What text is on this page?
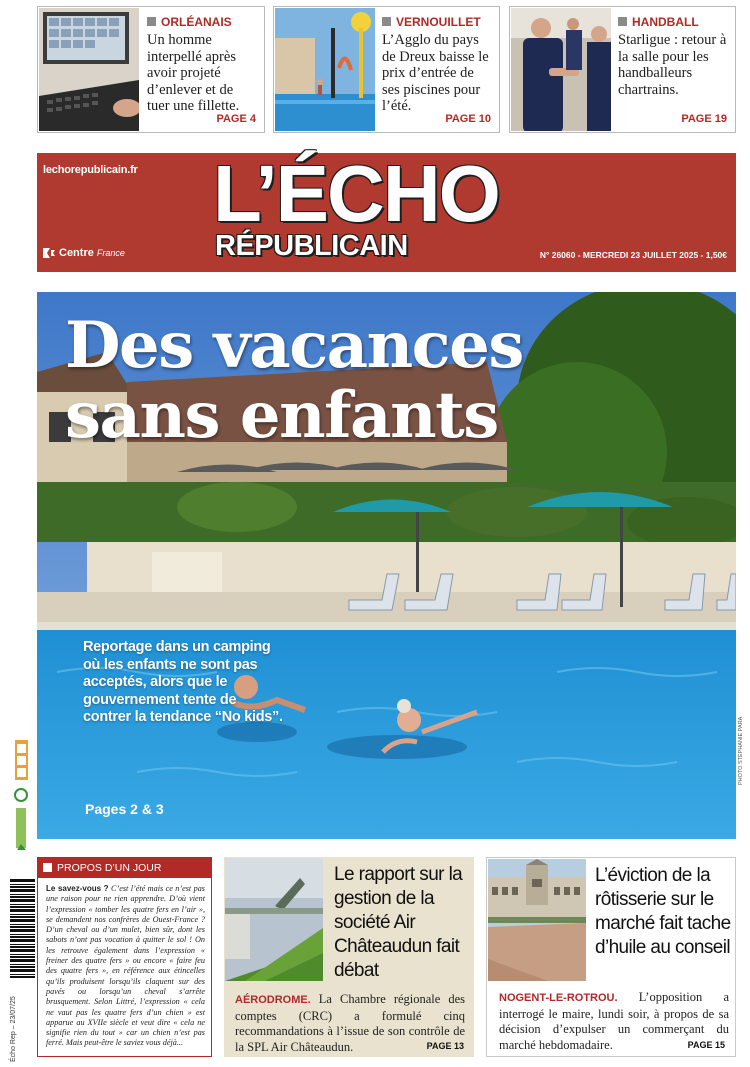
ORLÉANAIS
Un homme interpellé après avoir projeté d’enlever et de tuer une fillette.
PAGE 4
VERNOUILLET
L’Agglo du pays de Dreux baisse le prix d’entrée de ses piscines pour l’été.
PAGE 10
HANDBALL
Starligue : retour à la salle pour les handballeurs chartrains.
PAGE 19
lechorepublicain.fr L’ÉCHO
RÉPUBLICAIN
Centre France	N° 26060 - MERCREDI 23 JUILLET 2025 - 1,50€
Des vacances
sans enfants
Reportage dans un camping où les enfants ne sont pas acceptés, alors que le gouvernement tente de contrer la tendance “No kids”.
Pages 2 & 3
PHOTO STÉPHANIE PARA
Écho Rep – 23/07/25
PROPOS D’UN JOUR
Le savez-vous ? C’est l’été mais ce n’est pas une raison pour ne rien apprendre. D’où vient l’expression « tomber les quatre fers en l’air », se demandent nos confrères de Ouest-France ? D’un cheval ou d’un mulet, bien sûr, dont les sabots n’ont pas vocation à quitter le sol ! On les retrouve également dans l’expression « freiner des quatre fers » ou encore « faire feu des quatre fers », en référence aux étincelles qu’ils produisent lorsqu’ils claquent sur des pavés ou lorsqu’un cheval s’arrête brusquement. Selon Littré, l’expression « cela ne vaut pas les quatre fers d’un chien » est apparue au XVIIe siècle et veut dire « cela ne signifie rien du tout » car un chien n’est pas ferré. Mais peut-être le saviez vous déjà...
Le rapport sur la gestion de la société Air Châteaudun fait débat
AÉRODROME. La Chambre régionale des comptes (CRC) a formulé cinq recommandations à l’issue de son contrôle de la SPL Air Châteaudun.	PAGE 13
L’éviction de la rôtisserie sur le marché fait tache d’huile au conseil
NOGENT-LE-ROTROU. L’opposition a interrogé le maire, lundi soir, à propos de sa décision d’expulser un commerçant du marché hebdomadaire.	PAGE 15
